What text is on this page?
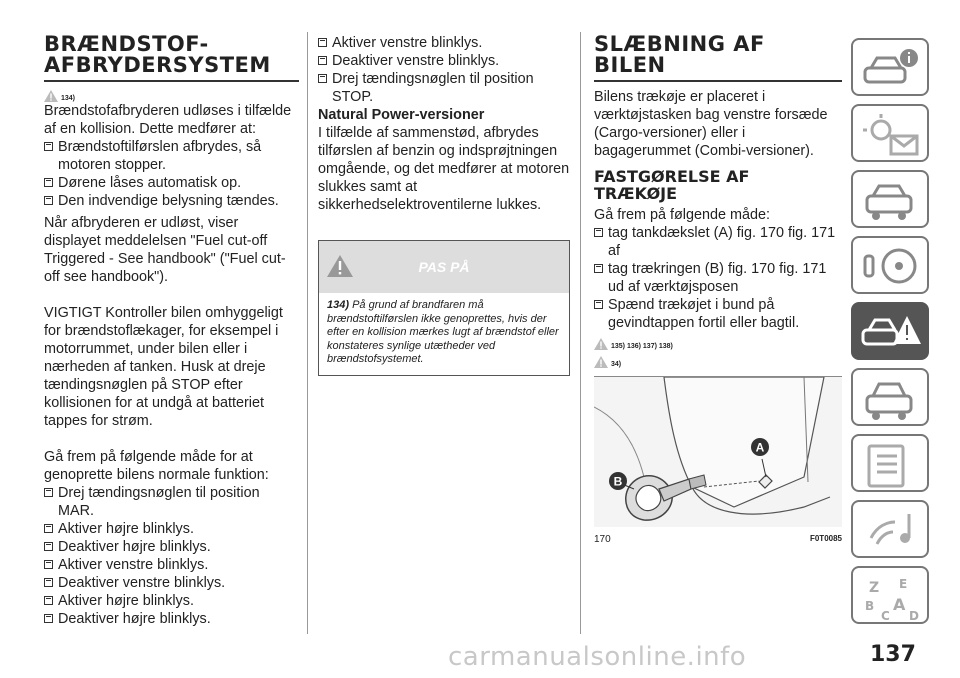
BRÆNDSTOF-
AFBRYDERSYSTEM
134)

Brændstofafbryderen udløses i tilfælde af en kollision. Dette medfører at:

Brændstoftilførslen afbrydes, så motoren stopper.

Dørene låses automatisk op.

Den indvendige belysning tændes.

Når afbryderen er udløst, viser displayet meddelelsen "Fuel cut-off Triggered - See handbook" ("Fuel cut-off see handbook").

VIGTIGT Kontroller bilen omhyggeligt for brændstoflækager, for eksempel i motorrummet, under bilen eller i nærheden af tanken. Husk at dreje tændingsnøglen på STOP efter kollisionen for at undgå at batteriet tappes for strøm.

Gå frem på følgende måde for at genoprette bilens normale funktion:

Drej tændingsnøglen til position MAR.

Aktiver højre blinklys.

Deaktiver højre blinklys.

Aktiver venstre blinklys.

Deaktiver venstre blinklys.

Aktiver højre blinklys.

Deaktiver højre blinklys.

Aktiver venstre blinklys.

Deaktiver venstre blinklys.

Drej tændingsnøglen til position STOP.

Natural Power-versioner

I tilfælde af sammenstød, afbrydes tilførslen af benzin og indsprøjtningen omgående, og det medfører at motoren slukkes samt at sikkerhedselektroventilerne lukkes.

PAS PÅ
134) På grund af brandfaren må brændstoftilførslen ikke genoprettes, hvis der efter en kollision mærkes lugt af brændstof eller konstateres synlige utætheder ved brændstofsystemet.
SLÆBNING AF
BILEN

Bilens trækøje er placeret i værktøjstasken bag venstre forsæde (Cargo-versioner) eller i bagagerummet (Combi-versioner).

FASTGØRELSE AF
TRÆKØJE

Gå frem på følgende måde:

tag tankdækslet (A) fig. 170 fig. 171 af

tag trækringen (B) fig. 170 fig. 171 ud af værktøjsposen

Spænd trækøjet i bund på gevindtappen fortil eller bagtil.

135) 136) 137) 138)
34)
A
B
170	F0T0085
Z E
B A
C D
carmanualsonline.info	137
